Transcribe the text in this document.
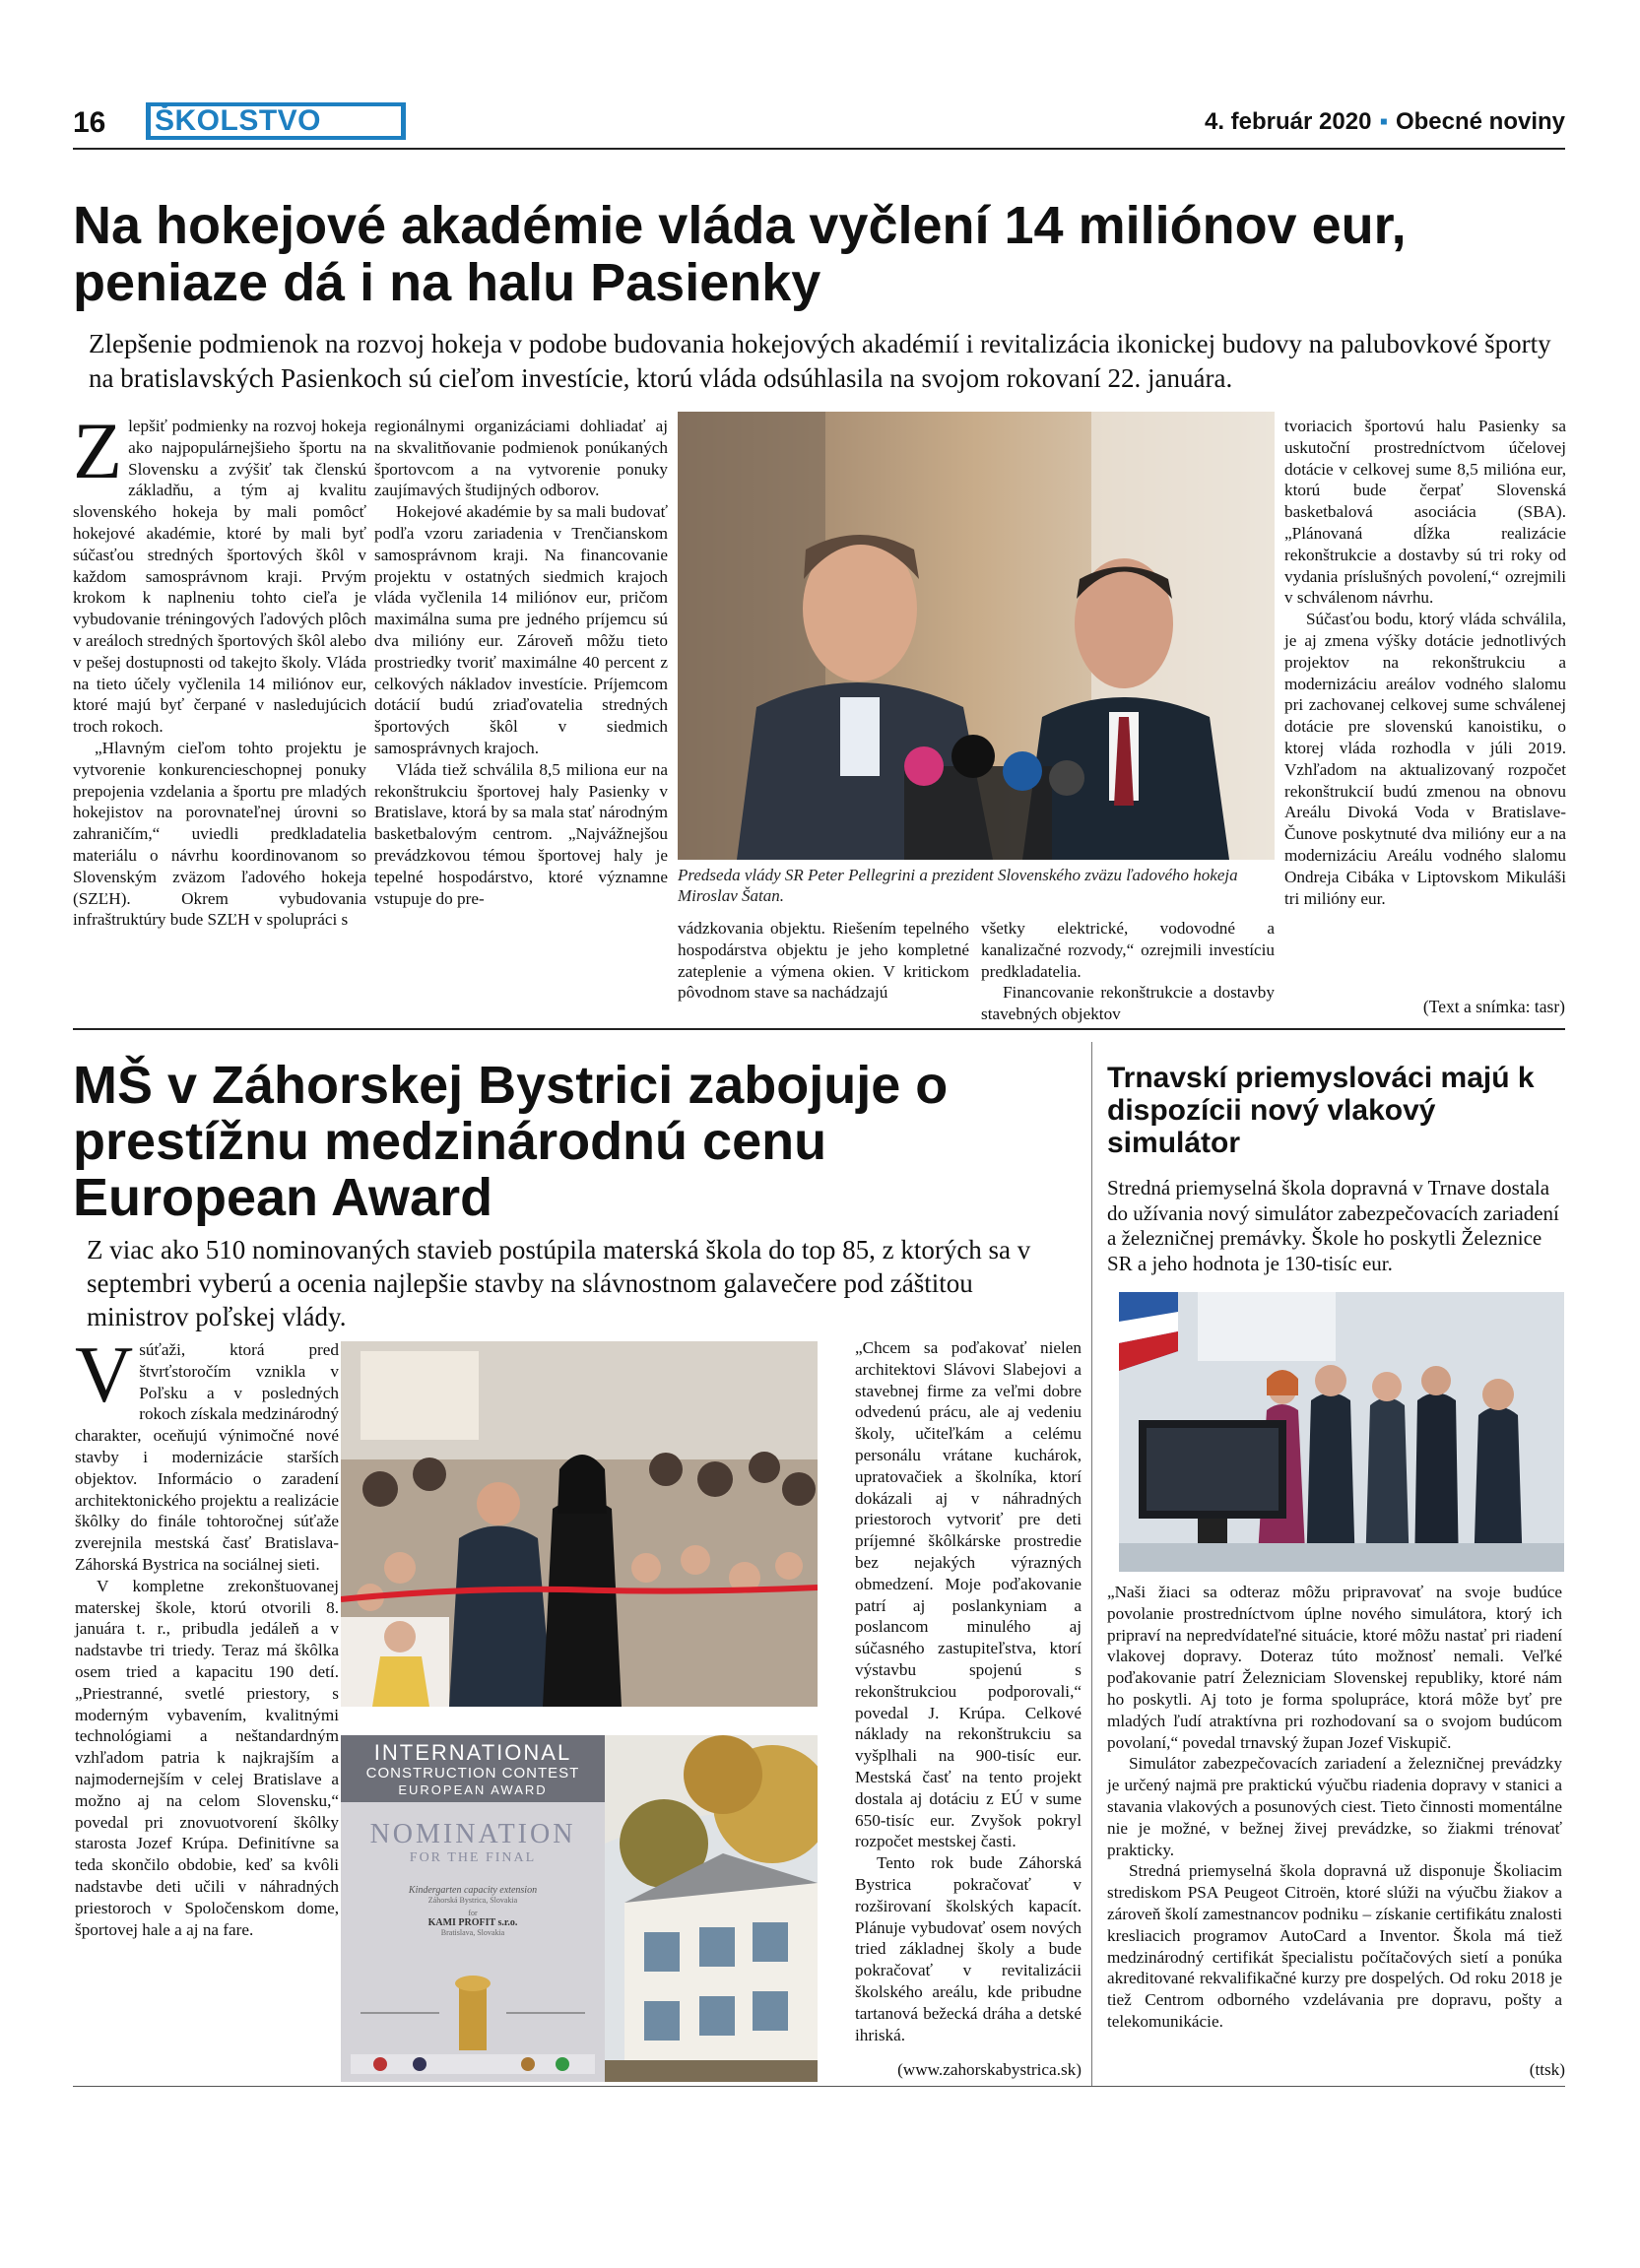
16 ŠKOLSTVO	4. február 2020 ▪ Obecné noviny
Na hokejové akadémie vláda vyčlení 14 miliónov eur, peniaze dá i na halu Pasienky

Zlepšenie podmienok na rozvoj hokeja v podobe budovania hokejových akadémií i revitalizácia ikonickej budovy na palubovkové športy na bratislavských Pasienkoch sú cieľom investície, ktorú vláda odsúhlasila na svojom rokovaní 22. januára.

Zlepšiť podmienky na rozvoj hokeja ako najpopulárnejšieho športu na Slovensku a zvýšiť tak členskú základňu, a tým aj kvalitu slovenského hokeja by mali pomôcť hokejové akadémie, ktoré by mali byť súčasťou stredných športových škôl v každom samosprávnom kraji. Prvým krokom k naplneniu tohto cieľa je vybudovanie tréningových ľadových plôch v areáloch stredných športových škôl alebo v pešej dostupnosti od takejto školy. Vláda na tieto účely vyčlenila 14 miliónov eur, ktoré majú byť čerpané v nasledujúcich troch rokoch.

„Hlavným cieľom tohto projektu je vytvorenie konkurencieschopnej ponuky prepojenia vzdelania a športu pre mladých hokejistov na porovnateľnej úrovni so zahraničím,“ uviedli predkladatelia materiálu o návrhu koordinovanom so Slovenským zväzom ľadového hokeja (SZĽH). Okrem vybudovania infraštruktúry bude SZĽH v spolupráci s

regionálnymi organizáciami dohliadať aj na skvalitňovanie podmienok ponúkaných športovcom a na vytvorenie ponuky zaujímavých študijných odborov.

Hokejové akadémie by sa mali budovať podľa vzoru zariadenia v Trenčianskom samosprávnom kraji. Na financovanie projektu v ostatných siedmich krajoch vláda vyčlenila 14 miliónov eur, pričom maximálna suma pre jedného príjemcu sú dva milióny eur. Zároveň môžu tieto prostriedky tvoriť maximálne 40 percent z celkových nákladov investície. Príjemcom dotácií budú zriaďovatelia stredných športových škôl v siedmich samosprávnych krajoch.

Vláda tiež schválila 8,5 miliona eur na rekonštrukciu športovej haly Pasienky v Bratislave, ktorá by sa mala stať národným basketbalovým centrom. „Najvážnejšou prevádzkovou témou športovej haly je tepelné hospodárstvo, ktoré významne vstupuje do pre-

Predseda vlády SR Peter Pellegrini a prezident Slovenského zväzu ľadového hokeja Miroslav Šatan.

vádzkovania objektu. Riešením tepelného hospodárstva objektu je jeho kompletné zateplenie a výmena okien. V kritickom pôvodnom stave sa nachádzajú

všetky elektrické, vodovodné a kanalizačné rozvody,“ ozrejmili investíciu predkladatelia.

Financovanie rekonštrukcie a dostavby stavebných objektov

tvoriacich športovú halu Pasienky sa uskutoční prostredníctvom účelovej dotácie v celkovej sume 8,5 milióna eur, ktorú bude čerpať Slovenská basketbalová asociácia (SBA). „Plánovaná dĺžka realizácie rekonštrukcie a dostavby sú tri roky od vydania príslušných povolení,“ ozrejmili v schválenom návrhu.

Súčasťou bodu, ktorý vláda schválila, je aj zmena výšky dotácie jednotlivých projektov na rekonštrukciu a modernizáciu areálov vodného slalomu pri zachovanej celkovej sume schválenej dotácie pre slovenskú kanoistiku, o ktorej vláda rozhodla v júli 2019. Vzhľadom na aktualizovaný rozpočet rekonštrukcií budú zmenou na obnovu Areálu Divoká Voda v Bratislave-Čunove poskytnuté dva milióny eur a na modernizáciu Areálu vodného slalomu Ondreja Cibáka v Liptovskom Mikuláši tri milióny eur.

(Text a snímka: tasr)
MŠ v Záhorskej Bystrici zabojuje o prestížnu medzinárodnú cenu European Award

Z viac ako 510 nominovaných stavieb postúpila materská škola do top 85, z ktorých sa v septembri vyberú a ocenia najlepšie stavby na slávnostnom galavečere pod záštitou ministrov poľskej vlády.

Vsúťaži, ktorá pred štvrťstoročím vznikla v Poľsku a v posledných rokoch získala medzinárodný charakter, oceňujú výnimočné nové stavby i modernizácie starších objektov. Informácio o zaradení architektonického projektu a realizácie škôlky do finále tohtoročnej súťaže zverejnila mestská časť Bratislava-Záhorská Bystrica na sociálnej sieti.

V kompletne zrekonštuovanej materskej škole, ktorú otvorili 8. januára t. r., pribudla jedáleň a v nadstavbe tri triedy. Teraz má škôlka osem tried a kapacitu 190 detí. „Priestranné, svetlé priestory, s moderným vybavením, kvalitnými technológiami a neštandardným vzhľadom patria k najkrajším a najmodernejším v celej Bratislave a možno aj na celom Slovensku,“ povedal pri znovuotvorení škôlky starosta Jozef Krúpa. Definitívne sa teda skončilo obdobie, keď sa kvôli nadstavbe deti učili v náhradných priestoroch v Spoločenskom dome, športovej hale a aj na fare.

INTERNATIONAL
CONSTRUCTION CONTEST
EUROPEAN AWARD
NOMINATION
FOR THE FINAL
Kindergarten capacity extension
Záhorská Bystrica, Slovakia
for
KAMI PROFIT s.r.o.
Bratislava, Slovakia

„Chcem sa poďakovať nielen architektovi Slávovi Slabejovi a stavebnej firme za veľmi dobre odvedenú prácu, ale aj vedeniu školy, učiteľkám a celému personálu vrátane kuchárok, upratovačiek a školníka, ktorí dokázali aj v náhradných priestoroch vytvoriť pre deti príjemné škôlkárske prostredie bez nejakých výrazných obmedzení. Moje poďakovanie patrí aj poslankyniam a poslancom minulého aj súčasného zastupiteľstva, ktorí výstavbu spojenú s rekonštrukciou podporovali,“ povedal J. Krúpa. Celkové náklady na rekonštrukciu sa vyšplhali na 900-tisíc eur. Mestská časť na tento projekt dostala aj dotáciu z EÚ v sume 650-tisíc eur. Zvyšok pokryl rozpočet mestskej časti.

Tento rok bude Záhorská Bystrica pokračovať v rozširovaní školských kapacít. Plánuje vybudovať osem nových tried základnej školy a bude pokračovať v revitalizácii školského areálu, kde pribudne tartanová bežecká dráha a detské ihriská.

(www.zahorskabystrica.sk)
Trnavskí priemyslováci majú k dispozícii nový vlakový simulátor

Stredná priemyselná škola dopravná v Trnave dostala do užívania nový simulátor zabezpečovacích zariadení a železničnej premávky. Škole ho poskytli Železnice SR a jeho hodnota je 130-tisíc eur.

„Naši žiaci sa odteraz môžu pripravovať na svoje budúce povolanie prostredníctvom úplne nového simulátora, ktorý ich pripraví na nepredvídateľné situácie, ktoré môžu nastať pri riadení vlakovej dopravy. Doteraz túto možnosť nemali. Veľké poďakovanie patrí Železniciam Slovenskej republiky, ktoré nám ho poskytli. Aj toto je forma spolupráce, ktorá môže byť pre mladých ľudí atraktívna pri rozhodovaní sa o svojom budúcom povolaní,“ povedal trnavský župan Jozef Viskupič.

Simulátor zabezpečovacích zariadení a železničnej prevádzky je určený najmä pre praktickú výučbu riadenia dopravy v stanici a stavania vlakových a posunových ciest. Tieto činnosti momentálne nie je možné, v bežnej živej prevádzke, so žiakmi trénovať prakticky.

Stredná priemyselná škola dopravná už disponuje Školiacim strediskom PSA Peugeot Citroën, ktoré slúži na výučbu žiakov a zároveň školí zamestnancov podniku – získanie certifikátu znalosti kresliacich programov AutoCard a Inventor. Škola má tiež medzinárodný certifikát špecialistu počítačových sietí a ponúka akreditované rekvalifikačné kurzy pre dospelých. Od roku 2018 je tiež Centrom odborného vzdelávania pre dopravu, pošty a telekomunikácie.

(ttsk)
